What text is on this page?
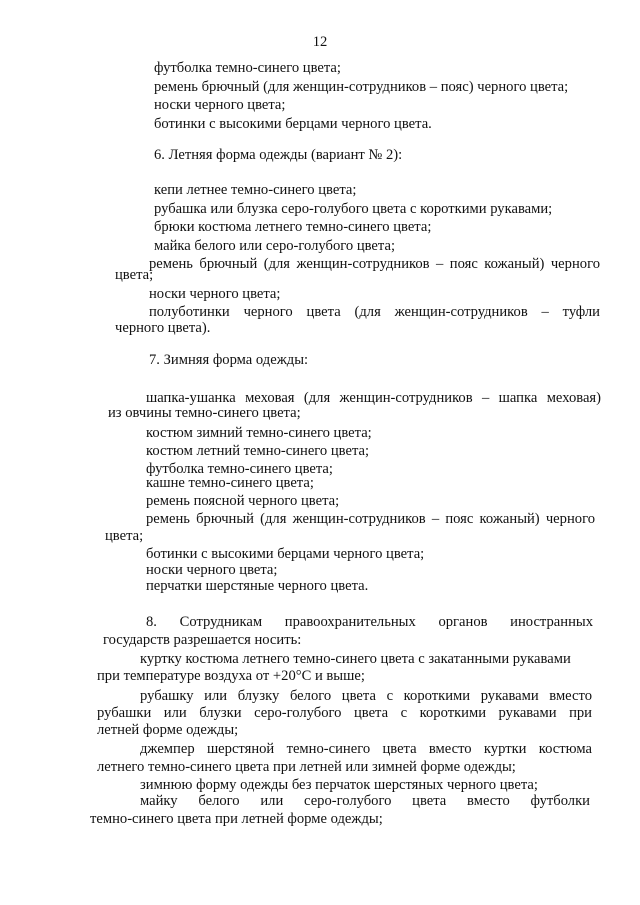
12
футболка темно-синего цвета;
ремень брючный (для женщин-сотрудников – пояс) черного цвета;
носки черного цвета;
ботинки с высокими берцами черного цвета.
6. Летняя форма одежды (вариант № 2):
кепи летнее темно-синего цвета;
рубашка или блузка серо-голубого цвета с короткими рукавами;
брюки костюма летнего темно-синего цвета;
майка белого или серо-голубого цвета;
ремень брючный (для женщин-сотрудников – пояс кожаный) черного
цвета;
носки черного цвета;
полуботинки черного цвета (для женщин-сотрудников – туфли
черного цвета).
7. Зимняя форма одежды:
шапка-ушанка меховая (для женщин-сотрудников – шапка меховая)
из овчины темно-синего цвета;
костюм зимний темно-синего цвета;
костюм летний темно-синего цвета;
футболка темно-синего цвета;
кашне темно-синего цвета;
ремень поясной черного цвета;
ремень брючный (для женщин-сотрудников – пояс кожаный) черного
цвета;
ботинки с высокими берцами черного цвета;
носки черного цвета;
перчатки шерстяные черного цвета.
8. Сотрудникам правоохранительных органов иностранных
государств разрешается носить:
куртку костюма летнего темно-синего цвета с закатанными рукавами
при температуре воздуха от +20°С и выше;
рубашку или блузку белого цвета с короткими рукавами вместо
рубашки или блузки серо-голубого цвета с короткими рукавами при
летней форме одежды;
джемпер шерстяной темно-синего цвета вместо куртки костюма
летнего темно-синего цвета при летней или зимней форме одежды;
зимнюю форму одежды без перчаток шерстяных черного цвета;
майку белого или серо-голубого цвета вместо футболки
темно-синего цвета при летней форме одежды;
